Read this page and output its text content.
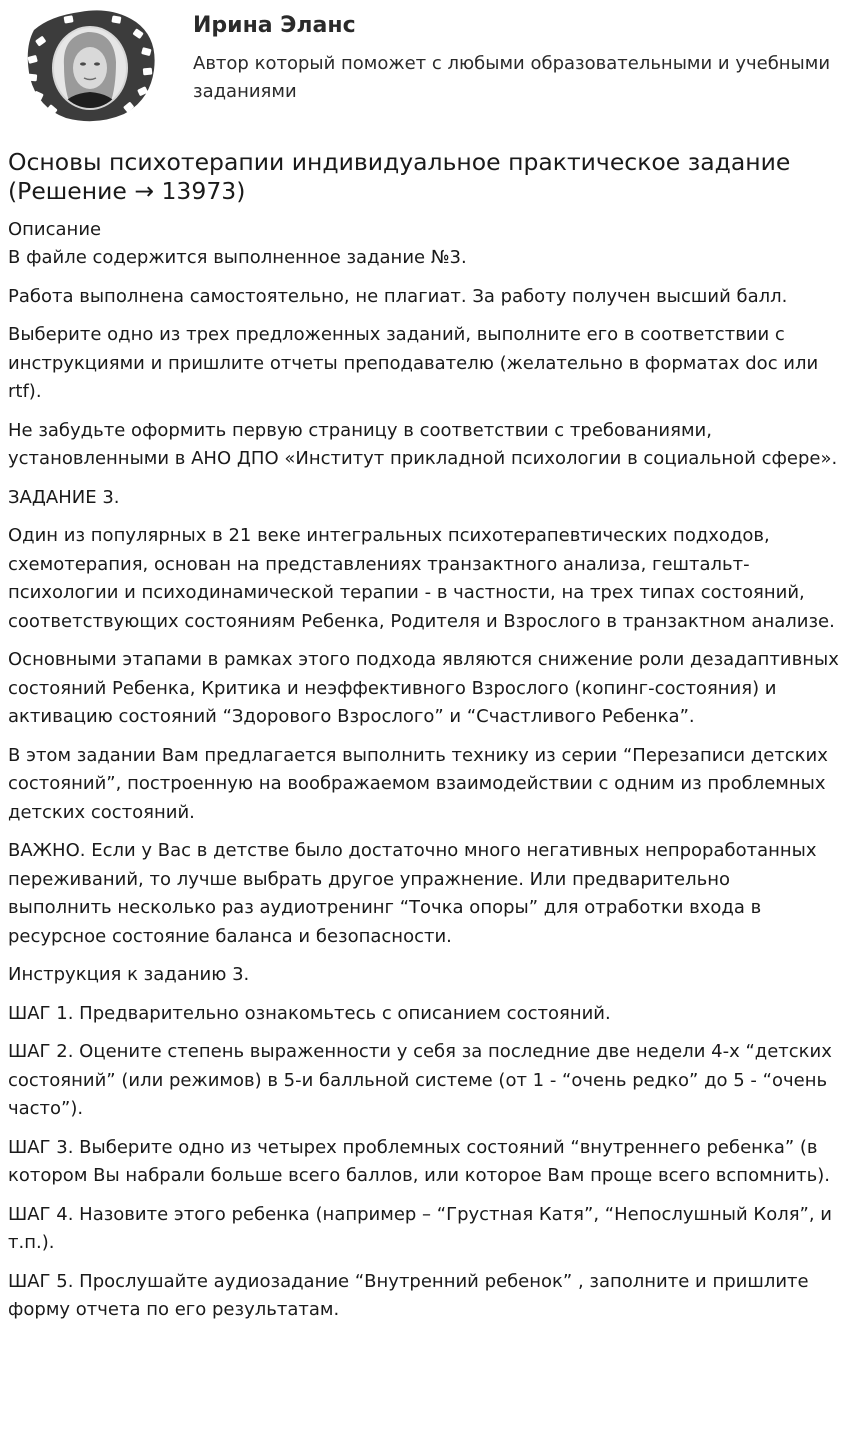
Ирина Эланс
Автор который поможет с любыми образовательными и учебными заданиями
Основы психотерапии индивидуальное практическое задание (Решение → 13973)
Описание

В файле содержится выполненное задание №3.

Работа выполнена самостоятельно, не плагиат. За работу получен высший балл.

Выберите одно из трех предложенных заданий, выполните его в соответствии с инструкциями и пришлите отчеты преподавателю (желательно в форматах doc или rtf).

Не забудьте оформить первую страницу в соответствии с требованиями, установленными в АНО ДПО «Институт прикладной психологии в социальной сфере».

ЗАДАНИЕ 3.

Один из популярных в 21 веке интегральных психотерапевтических подходов, схемотерапия, основан на представлениях транзактного анализа, гештальт-психологии и психодинамической терапии - в частности, на трех типах состояний, соответствующих состояниям Ребенка, Родителя и Взрослого в транзактном анализе.

Основными этапами в рамках этого подхода являются снижение роли дезадаптивных состояний Ребенка, Критика и неэффективного Взрослого (копинг-состояния) и активацию состояний “Здорового Взрослого” и “Счастливого Ребенка”.

В этом задании Вам предлагается выполнить технику из серии “Перезаписи детских состояний”, построенную на воображаемом взаимодействии с одним из проблемных детских состояний.

ВАЖНО. Если у Вас в детстве было достаточно много негативных непроработанных переживаний, то лучше выбрать другое упражнение. Или предварительно выполнить несколько раз аудиотренинг “Точка опоры” для отработки входа в ресурсное состояние баланса и безопасности.

Инструкция к заданию 3.

ШАГ 1. Предварительно ознакомьтесь с описанием состояний.

ШАГ 2. Оцените степень выраженности у себя за последние две недели 4-х “детских состояний” (или режимов) в 5-и балльной системе (от 1 - “очень редко” до 5 - “очень часто”).

ШАГ 3. Выберите одно из четырех проблемных состояний “внутреннего ребенка” (в котором Вы набрали больше всего баллов, или которое Вам проще всего вспомнить).

ШАГ 4. Назовите этого ребенка (например – “Грустная Катя”, “Непослушный Коля”, и т.п.).

ШАГ 5. Прослушайте аудиозадание “Внутренний ребенок” , заполните и пришлите форму отчета по его результатам.
